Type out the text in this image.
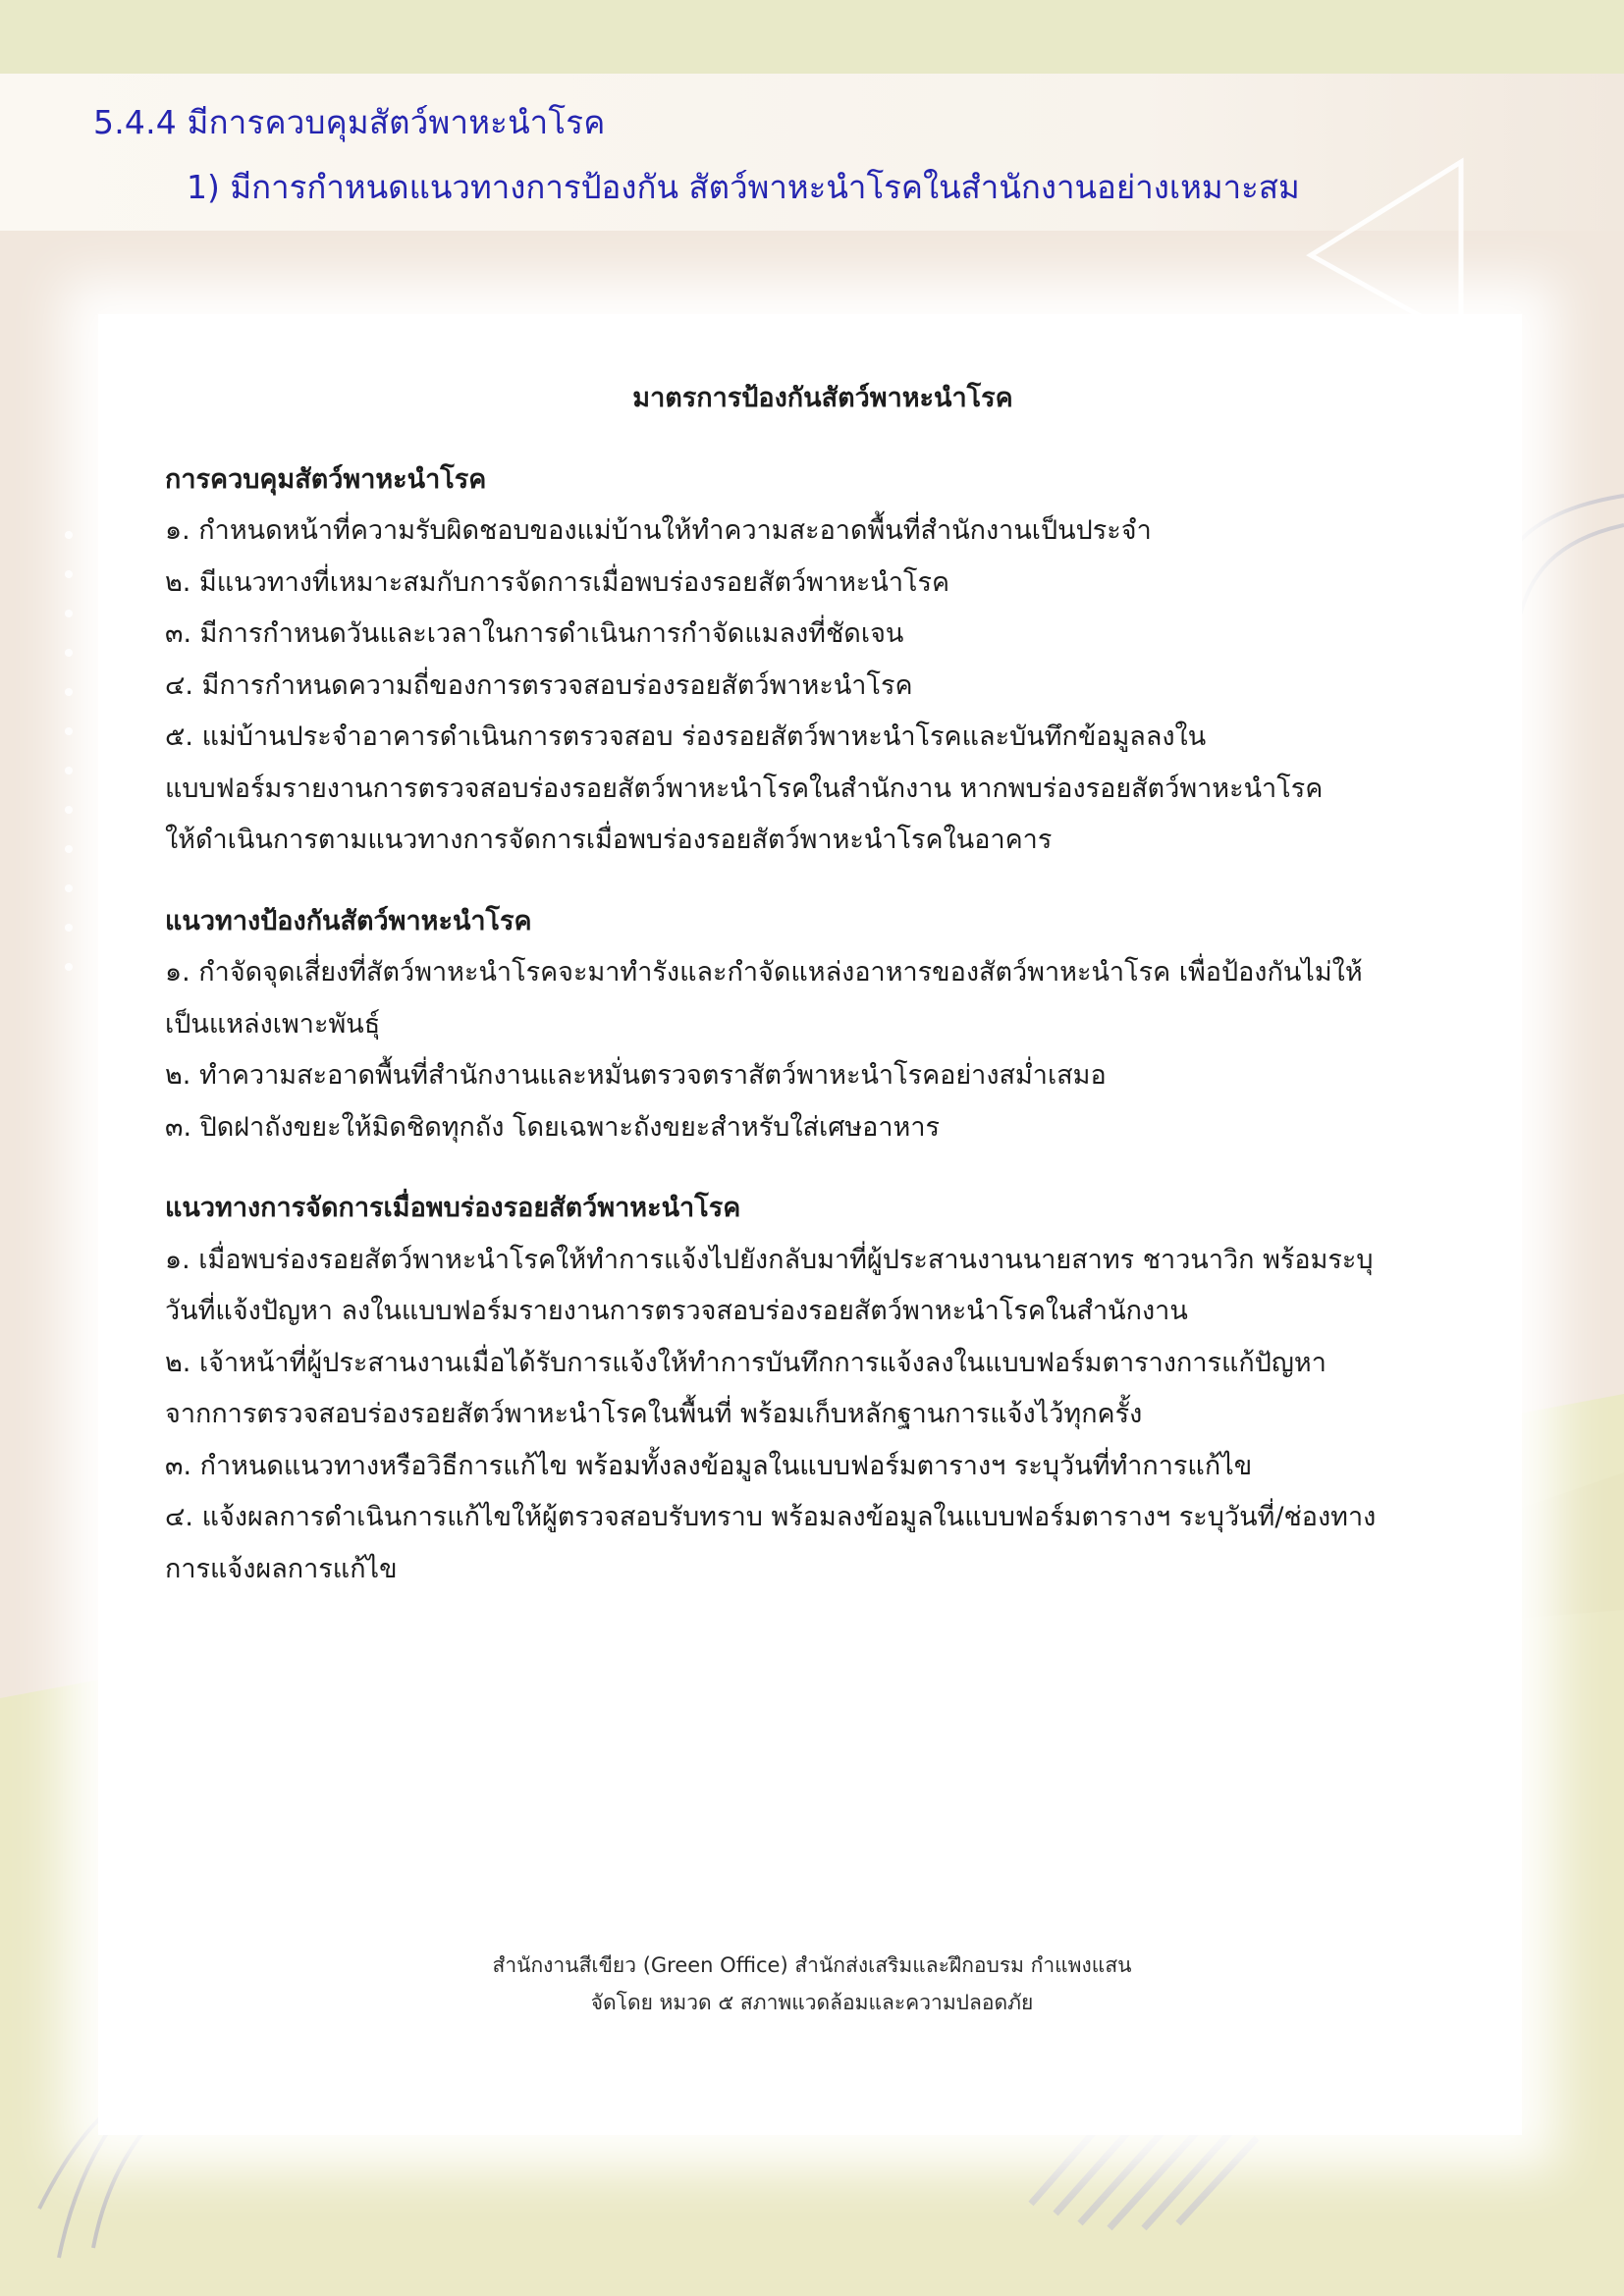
5.4.4 มีการควบคุมสัตว์พาหะนำโรค
1) มีการกำหนดแนวทางการป้องกัน สัตว์พาหะนำโรคในสำนักงานอย่างเหมาะสม

มาตรการป้องกันสัตว์พาหะนำโรค

การควบคุมสัตว์พาหะนำโรค

๑. กำหนดหน้าที่ความรับผิดชอบของแม่บ้านให้ทำความสะอาดพื้นที่สำนักงานเป็นประจำ

๒. มีแนวทางที่เหมาะสมกับการจัดการเมื่อพบร่องรอยสัตว์พาหะนำโรค

๓. มีการกำหนดวันและเวลาในการดำเนินการกำจัดแมลงที่ชัดเจน

๔. มีการกำหนดความถี่ของการตรวจสอบร่องรอยสัตว์พาหะนำโรค

๕. แม่บ้านประจำอาคารดำเนินการตรวจสอบ ร่องรอยสัตว์พาหะนำโรคและบันทึกข้อมูลลงใน

แบบฟอร์มรายงานการตรวจสอบร่องรอยสัตว์พาหะนำโรคในสำนักงาน หากพบร่องรอยสัตว์พาหะนำโรค

ให้ดำเนินการตามแนวทางการจัดการเมื่อพบร่องรอยสัตว์พาหะนำโรคในอาคาร

แนวทางป้องกันสัตว์พาหะนำโรค

๑. กำจัดจุดเสี่ยงที่สัตว์พาหะนำโรคจะมาทำรังและกำจัดแหล่งอาหารของสัตว์พาหะนำโรค เพื่อป้องกันไม่ให้

เป็นแหล่งเพาะพันธุ์

๒. ทำความสะอาดพื้นที่สำนักงานและหมั่นตรวจตราสัตว์พาหะนำโรคอย่างสม่ำเสมอ

๓. ปิดฝาถังขยะให้มิดชิดทุกถัง โดยเฉพาะถังขยะสำหรับใส่เศษอาหาร

แนวทางการจัดการเมื่อพบร่องรอยสัตว์พาหะนำโรค

๑. เมื่อพบร่องรอยสัตว์พาหะนำโรคให้ทำการแจ้งไปยังกลับมาที่ผู้ประสานงานนายสาทร ชาวนาวิก พร้อมระบุ

วันที่แจ้งปัญหา ลงในแบบฟอร์มรายงานการตรวจสอบร่องรอยสัตว์พาหะนำโรคในสำนักงาน

๒. เจ้าหน้าที่ผู้ประสานงานเมื่อได้รับการแจ้งให้ทำการบันทึกการแจ้งลงในแบบฟอร์มตารางการแก้ปัญหา

จากการตรวจสอบร่องรอยสัตว์พาหะนำโรคในพื้นที่ พร้อมเก็บหลักฐานการแจ้งไว้ทุกครั้ง

๓. กำหนดแนวทางหรือวิธีการแก้ไข พร้อมทั้งลงข้อมูลในแบบฟอร์มตารางฯ ระบุวันที่ทำการแก้ไข

๔. แจ้งผลการดำเนินการแก้ไขให้ผู้ตรวจสอบรับทราบ พร้อมลงข้อมูลในแบบฟอร์มตารางฯ ระบุวันที่/ช่องทาง

การแจ้งผลการแก้ไข

สำนักงานสีเขียว (Green Office) สำนักส่งเสริมและฝึกอบรม กำแพงแสน

จัดโดย หมวด ๕ สภาพแวดล้อมและความปลอดภัย
